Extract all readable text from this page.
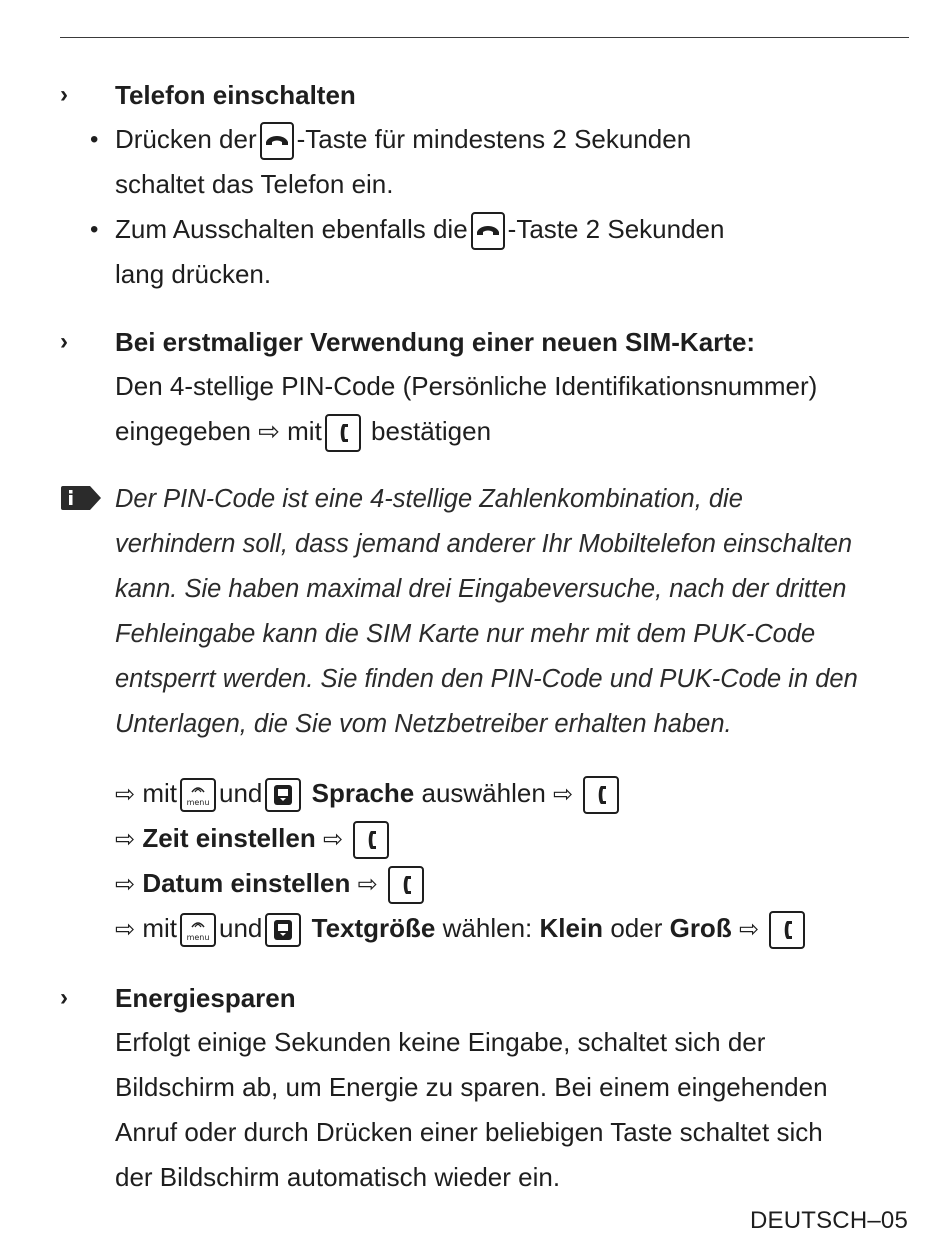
›	Telefon einschalten
• Drücken der -Taste für mindestens 2 Sekunden
schaltet das Telefon ein.
• Zum Ausschalten ebenfalls die -Taste 2 Sekunden
lang drücken.
›	Bei erstmaliger Verwendung einer neuen SIM-Karte:
Den 4-stellige PIN-Code (Persönliche Identifikationsnummer)
eingegeben ⇨ mit bestätigen
Der PIN-Code ist eine 4-stellige Zahlenkombination, die
verhindern soll, dass jemand anderer Ihr Mobiltelefon einschalten
kann. Sie haben maximal drei Eingabeversuche, nach der dritten
Fehleingabe kann die SIM Karte nur mehr mit dem PUK-Code
entsperrt werden. Sie finden den PIN-Code und PUK-Code in den
Unterlagen, die Sie vom Netzbetreiber erhalten haben.
⇨ mit	menu und Sprache auswählen ⇨
⇨ Zeit einstellen ⇨
⇨ Datum einstellen ⇨
⇨ mit	menu und Textgröße wählen: Klein oder Groß ⇨
›	Energiesparen
Erfolgt einige Sekunden keine Eingabe, schaltet sich der
Bildschirm ab, um Energie zu sparen. Bei einem eingehenden
Anruf oder durch Drücken einer beliebigen Taste schaltet sich
der Bildschirm automatisch wieder ein.
DEUTSCH–05
